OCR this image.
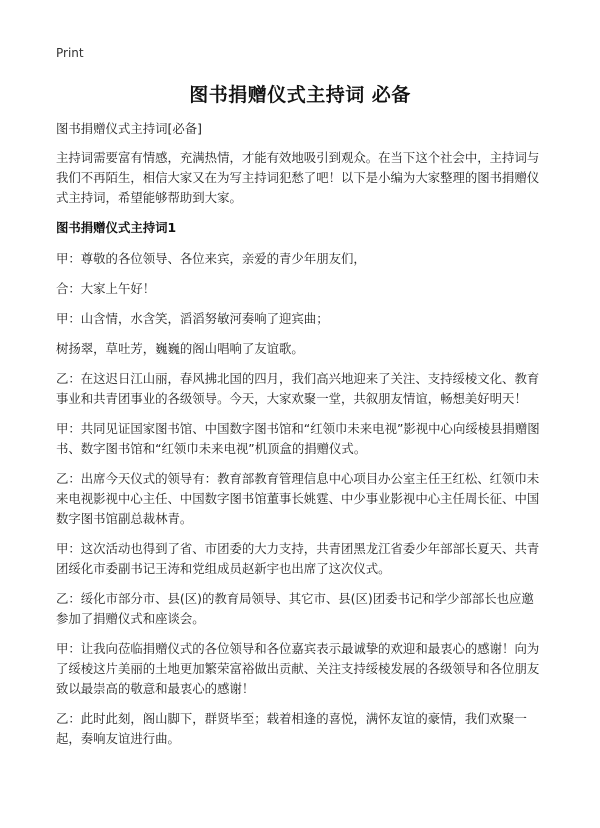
Print
图书捐赠仪式主持词 必备

图书捐赠仪式主持词[必备]

主持词需要富有情感，充满热情，才能有效地吸引到观众。在当下这个社会中，主持词与我们不再陌生，相信大家又在为写主持词犯愁了吧！以下是小编为大家整理的图书捐赠仪式主持词，希望能够帮助到大家。

图书捐赠仪式主持词1

甲：尊敬的各位领导、各位来宾，亲爱的青少年朋友们，

合：大家上午好！

甲：山含情，水含笑，滔滔努敏河奏响了迎宾曲；

树扬翠，草吐芳，巍巍的阁山唱响了友谊歌。

乙：在这迟日江山丽，春风拂北国的四月，我们高兴地迎来了关注、支持绥棱文化、教育事业和共青团事业的各级领导。今天，大家欢聚一堂，共叙朋友情谊，畅想美好明天！

甲：共同见证国家图书馆、中国数字图书馆和“红领巾未来电视”影视中心向绥棱县捐赠图书、数字图书馆和“红领巾未来电视”机顶盒的捐赠仪式。

乙：出席今天仪式的领导有：教育部教育管理信息中心项目办公室主任王红松、红领巾未来电视影视中心主任、中国数字图书馆董事长姚霆、中少事业影视中心主任周长征、中国数字图书馆副总裁林青。

甲：这次活动也得到了省、市团委的大力支持，共青团黑龙江省委少年部部长夏天、共青团绥化市委副书记王涛和党组成员赵新宇也出席了这次仪式。

乙：绥化市部分市、县(区)的教育局领导、其它市、县(区)团委书记和学少部部长也应邀参加了捐赠仪式和座谈会。

甲：让我向莅临捐赠仪式的各位领导和各位嘉宾表示最诚挚的欢迎和最衷心的感谢！向为了绥棱这片美丽的土地更加繁荣富裕做出贡献、关注支持绥棱发展的各级领导和各位朋友致以最崇高的敬意和最衷心的感谢！

乙：此时此刻，阁山脚下，群贤毕至；载着相逢的喜悦，满怀友谊的豪情，我们欢聚一起，奏响友谊进行曲。
